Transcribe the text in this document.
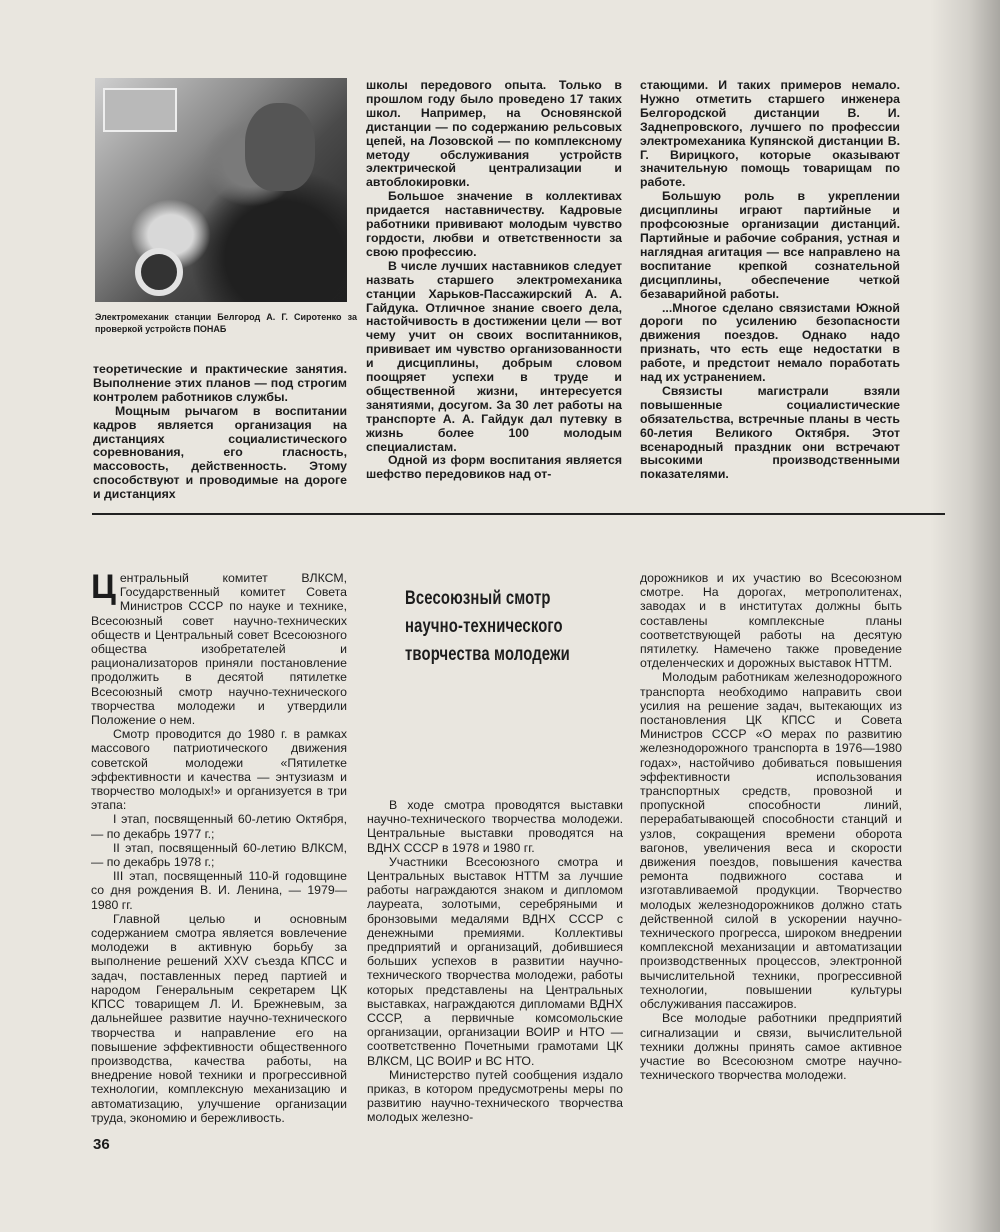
Электромеханик станции Белгород А. Г. Сиротенко за проверкой устройств ПОНАБ

теоретические и практические занятия. Выполнение этих планов — под строгим контролем работников службы.

Мощным рычагом в воспитании кадров является организация на дистанциях социалистического соревнования, его гласность, массовость, действенность. Этому способствуют и проводимые на дороге и дистанциях

школы передового опыта. Только в прошлом году было проведено 17 таких школ. Например, на Основянской дистанции — по содержанию рельсовых цепей, на Лозовской — по комплексному методу обслуживания устройств электрической централизации и автоблокировки.

Большое значение в коллективах придается наставничеству. Кадровые работники прививают молодым чувство гордости, любви и ответственности за свою профессию.

В числе лучших наставников следует назвать старшего электромеханика станции Харьков-Пассажирский А. А. Гайдука. Отличное знание своего дела, настойчивость в достижении цели — вот чему учит он своих воспитанников, прививает им чувство организованности и дисциплины, добрым словом поощряет успехи в труде и общественной жизни, интересуется занятиями, досугом. За 30 лет работы на транспорте А. А. Гайдук дал путевку в жизнь более 100 молодым специалистам.

Одной из форм воспитания является шефство передовиков над от-

стающими. И таких примеров немало. Нужно отметить старшего инженера Белгородской дистанции В. И. Заднепровского, лучшего по профессии электромеханика Купянской дистанции В. Г. Вирицкого, которые оказывают значительную помощь товарищам по работе.

Большую роль в укреплении дисциплины играют партийные и профсоюзные организации дистанций. Партийные и рабочие собрания, устная и наглядная агитация — все направлено на воспитание крепкой сознательной дисциплины, обеспечение четкой безаварийной работы.

...Многое сделано связистами Южной дороги по усилению безопасности движения поездов. Однако надо признать, что есть еще недостатки в работе, и предстоит немало поработать над их устранением.

Связисты магистрали взяли повышенные социалистические обязательства, встречные планы в честь 60-летия Великого Октября. Этот всенародный праздник они встречают высокими производственными показателями.

Всесоюзный смотр
научно-технического
творчества молодежи

Центральный комитет ВЛКСМ, Государственный комитет Совета Министров СССР по науке и технике, Всесоюзный совет научно-технических обществ и Центральный совет Всесоюзного общества изобретателей и рационализаторов приняли постановление продолжить в десятой пятилетке Всесоюзный смотр научно-технического творчества молодежи и утвердили Положение о нем.

Смотр проводится до 1980 г. в рамках массового патриотического движения советской молодежи «Пятилетке эффективности и качества — энтузиазм и творчество молодых!» и организуется в три этапа:

I этап, посвященный 60-летию Октября, — по декабрь 1977 г.;

II этап, посвященный 60-летию ВЛКСМ, — по декабрь 1978 г.;

III этап, посвященный 110-й годовщине со дня рождения В. И. Ленина, — 1979—1980 гг.

Главной целью и основным содержанием смотра является вовлечение молодежи в активную борьбу за выполнение решений XXV съезда КПСС и задач, поставленных перед партией и народом Генеральным секретарем ЦК КПСС товарищем Л. И. Брежневым, за дальнейшее развитие научно-технического творчества и направление его на повышение эффективности общественного производства, качества работы, на внедрение новой техники и прогрессивной технологии, комплексную механизацию и автоматизацию, улучшение организации труда, экономию и бережливость.

В ходе смотра проводятся выставки научно-технического творчества молодежи. Центральные выставки проводятся на ВДНХ СССР в 1978 и 1980 гг.

Участники Всесоюзного смотра и Центральных выставок НТТМ за лучшие работы награждаются знаком и дипломом лауреата, золотыми, серебряными и бронзовыми медалями ВДНХ СССР с денежными премиями. Коллективы предприятий и организаций, добившиеся больших успехов в развитии научно-технического творчества молодежи, работы которых представлены на Центральных выставках, награждаются дипломами ВДНХ СССР, а первичные комсомольские организации, организации ВОИР и НТО — соответственно Почетными грамотами ЦК ВЛКСМ, ЦС ВОИР и ВС НТО.

Министерство путей сообщения издало приказ, в котором предусмотрены меры по развитию научно-технического творчества молодых железно-

дорожников и их участию во Всесоюзном смотре. На дорогах, метрополитенах, заводах и в институтах должны быть составлены комплексные планы соответствующей работы на десятую пятилетку. Намечено также проведение отделенческих и дорожных выставок НТТМ.

Молодым работникам железнодорожного транспорта необходимо направить свои усилия на решение задач, вытекающих из постановления ЦК КПСС и Совета Министров СССР «О мерах по развитию железнодорожного транспорта в 1976—1980 годах», настойчиво добиваться повышения эффективности использования транспортных средств, провозной и пропускной способности линий, перерабатывающей способности станций и узлов, сокращения времени оборота вагонов, увеличения веса и скорости движения поездов, повышения качества ремонта подвижного состава и изготавливаемой продукции. Творчество молодых железнодорожников должно стать действенной силой в ускорении научно-технического прогресса, широком внедрении комплексной механизации и автоматизации производственных процессов, электронной вычислительной техники, прогрессивной технологии, повышении культуры обслуживания пассажиров.

Все молодые работники предприятий сигнализации и связи, вычислительной техники должны принять самое активное участие во Всесоюзном смотре научно-технического творчества молодежи.

36
